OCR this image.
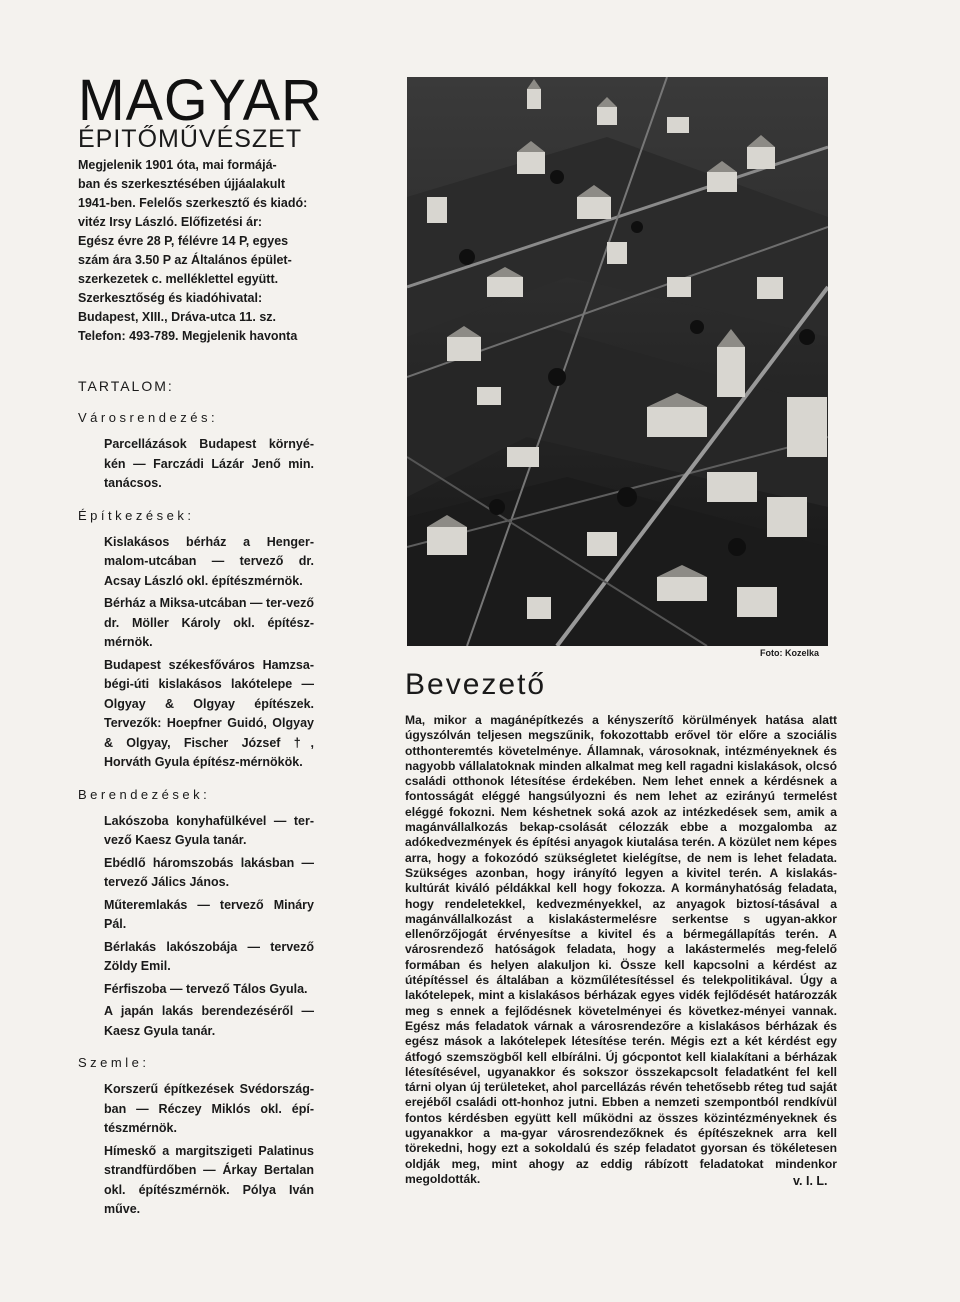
MAGYAR
ÉPITŐMŰVÉSZET
Megjelenik 1901 óta, mai formájá-
ban és szerkesztésében újjáalakult
1941-ben. Felelős szerkesztő és kiadó:
vitéz Irsy László. Előfizetési ár:
Egész évre 28 P, félévre 14 P, egyes
szám ára 3.50 P az Általános épület-
szerkezetek c. melléklettel együtt.
Szerkesztőség és kiadóhivatal:
Budapest, XIII., Dráva-utca 11. sz.
Telefon: 493-789. Megjelenik havonta
TARTALOM:
Városrendezés:
Parcellázások Budapest környé-kén — Farczádi Lázár Jenő min. tanácsos.
Építkezések:
Kislakásos bérház a Henger-malom-utcában — tervező dr. Acsay László okl. építészmérnök.
Bérház a Miksa-utcában — ter-vező dr. Möller Károly okl. építész-mérnök.
Budapest székesfőváros Hamzsa-bégi-úti kislakásos lakótelepe — Olgyay & Olgyay építészek. Tervezők: Hoepfner Guidó, Olgyay & Olgyay, Fischer József †, Horváth Gyula építész-mérnökök.
Berendezések:
Lakószoba konyhafülkével — ter-vező Kaesz Gyula tanár.
Ebédlő háromszobás lakásban — tervező Jálics János.
Műteremlakás — tervező Mináry Pál.
Bérlakás lakószobája — tervező Zöldy Emil.
Férfiszoba — tervező Tálos Gyula.
A japán lakás berendezéséről — Kaesz Gyula tanár.
Szemle:
Korszerű építkezések Svédország-ban — Réczey Miklós okl. épí-tészmérnök.
Hímeskő a margitszigeti Palatinus strandfürdőben — Árkay Bertalan okl. építészmérnök. Pólya Iván műve.
Foto: Kozelka
Bevezető

Ma, mikor a magánépítkezés a kényszerítő körülmények hatása alatt úgyszólván teljesen megszűnik, fokozottabb erővel tör előre a szociális otthonteremtés követelménye. Államnak, városoknak, intézményeknek és nagyobb vállalatoknak minden alkalmat meg kell ragadni kislakások, olcsó családi otthonok létesítése érdekében. Nem lehet ennek a kérdésnek a fontosságát eléggé hangsúlyozni és nem lehet az ezirányú termelést eléggé fokozni. Nem késhetnek soká azok az intézkedések sem, amik a magánvállalkozás bekap-csolását célozzák ebbe a mozgalomba az adókedvezmények és építési anyagok kiutalása terén. A közület nem képes arra, hogy a fokozódó szükségletet kielégítse, de nem is lehet feladata. Szükséges azonban, hogy irányító legyen a kivitel terén. A kislakás-kultúrát kiváló példákkal kell hogy fokozza. A kormányhatóság feladata, hogy rendeletekkel, kedvezményekkel, az anyagok biztosí-tásával a magánvállalkozást a kislakástermelésre serkentse s ugyan-akkor ellenőrzőjogát érvényesítse a kivitel és a bérmegállapítás terén. A városrendező hatóságok feladata, hogy a lakástermelés meg-felelő formában és helyen alakuljon ki. Össze kell kapcsolni a kérdést az útépítéssel és általában a közműlétesítéssel és telekpolitikával. Úgy a lakótelepek, mint a kislakásos bérházak egyes vidék fejlődését határozzák meg s ennek a fejlődésnek követelményei és következ-ményei vannak. Egész más feladatok várnak a városrendezőre a kislakásos bérházak és egész mások a lakótelepek létesítése terén. Mégis ezt a két kérdést egy átfogó szemszögből kell elbírálni. Új gócpontot kell kialakítani a bérházak létesítésével, ugyanakkor és sokszor összekapcsolt feladatként fel kell tárni olyan új területeket, ahol parcellázás révén tehetősebb réteg tud saját erejéből családi ott-honhoz jutni. Ebben a nemzeti szempontból rendkívül fontos kérdésben együtt kell működni az összes közintézményeknek és ugyanakkor a ma-gyar városrendezőknek és építészeknek arra kell törekedni, hogy ezt a sokoldalú és szép feladatot gyorsan és tökéletesen oldják meg, mint ahogy az eddig rábízott feladatokat mindenkor megoldották.	v. I. L.
